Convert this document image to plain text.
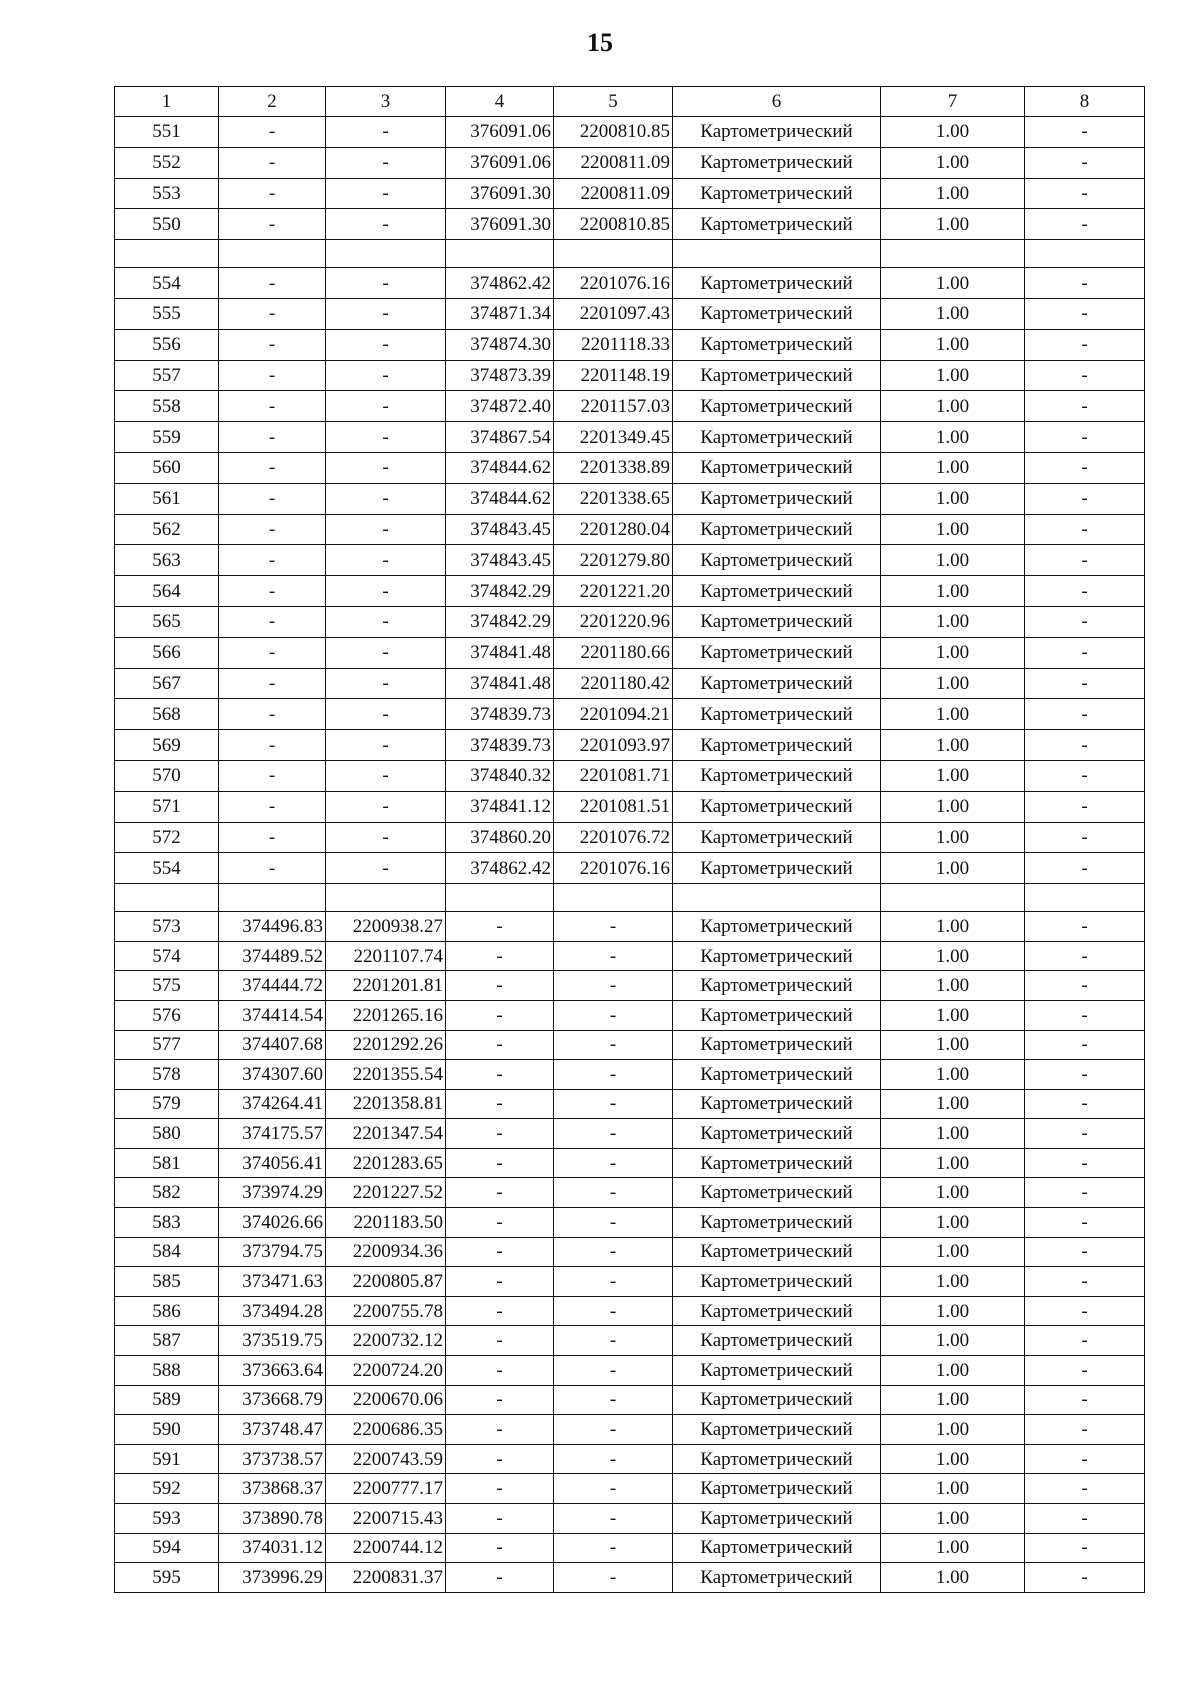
15
1	2	3	4	5	6	7	8
551	-	-	376091.06	2200810.85	Картометрический	1.00	-
552	-	-	376091.06	2200811.09	Картометрический	1.00	-
553	-	-	376091.30	2200811.09	Картометрический	1.00	-
550	-	-	376091.30	2200810.85	Картометрический	1.00	-

554	-	-	374862.42	2201076.16	Картометрический	1.00	-
555	-	-	374871.34	2201097.43	Картометрический	1.00	-
556	-	-	374874.30	2201118.33	Картометрический	1.00	-
557	-	-	374873.39	2201148.19	Картометрический	1.00	-
558	-	-	374872.40	2201157.03	Картометрический	1.00	-
559	-	-	374867.54	2201349.45	Картометрический	1.00	-
560	-	-	374844.62	2201338.89	Картометрический	1.00	-
561	-	-	374844.62	2201338.65	Картометрический	1.00	-
562	-	-	374843.45	2201280.04	Картометрический	1.00	-
563	-	-	374843.45	2201279.80	Картометрический	1.00	-
564	-	-	374842.29	2201221.20	Картометрический	1.00	-
565	-	-	374842.29	2201220.96	Картометрический	1.00	-
566	-	-	374841.48	2201180.66	Картометрический	1.00	-
567	-	-	374841.48	2201180.42	Картометрический	1.00	-
568	-	-	374839.73	2201094.21	Картометрический	1.00	-
569	-	-	374839.73	2201093.97	Картометрический	1.00	-
570	-	-	374840.32	2201081.71	Картометрический	1.00	-
571	-	-	374841.12	2201081.51	Картометрический	1.00	-
572	-	-	374860.20	2201076.72	Картометрический	1.00	-
554	-	-	374862.42	2201076.16	Картометрический	1.00	-

573	374496.83	2200938.27	-	-	Картометрический	1.00	-
574	374489.52	2201107.74	-	-	Картометрический	1.00	-
575	374444.72	2201201.81	-	-	Картометрический	1.00	-
576	374414.54	2201265.16	-	-	Картометрический	1.00	-
577	374407.68	2201292.26	-	-	Картометрический	1.00	-
578	374307.60	2201355.54	-	-	Картометрический	1.00	-
579	374264.41	2201358.81	-	-	Картометрический	1.00	-
580	374175.57	2201347.54	-	-	Картометрический	1.00	-
581	374056.41	2201283.65	-	-	Картометрический	1.00	-
582	373974.29	2201227.52	-	-	Картометрический	1.00	-
583	374026.66	2201183.50	-	-	Картометрический	1.00	-
584	373794.75	2200934.36	-	-	Картометрический	1.00	-
585	373471.63	2200805.87	-	-	Картометрический	1.00	-
586	373494.28	2200755.78	-	-	Картометрический	1.00	-
587	373519.75	2200732.12	-	-	Картометрический	1.00	-
588	373663.64	2200724.20	-	-	Картометрический	1.00	-
589	373668.79	2200670.06	-	-	Картометрический	1.00	-
590	373748.47	2200686.35	-	-	Картометрический	1.00	-
591	373738.57	2200743.59	-	-	Картометрический	1.00	-
592	373868.37	2200777.17	-	-	Картометрический	1.00	-
593	373890.78	2200715.43	-	-	Картометрический	1.00	-
594	374031.12	2200744.12	-	-	Картометрический	1.00	-
595	373996.29	2200831.37	-	-	Картометрический	1.00	-
